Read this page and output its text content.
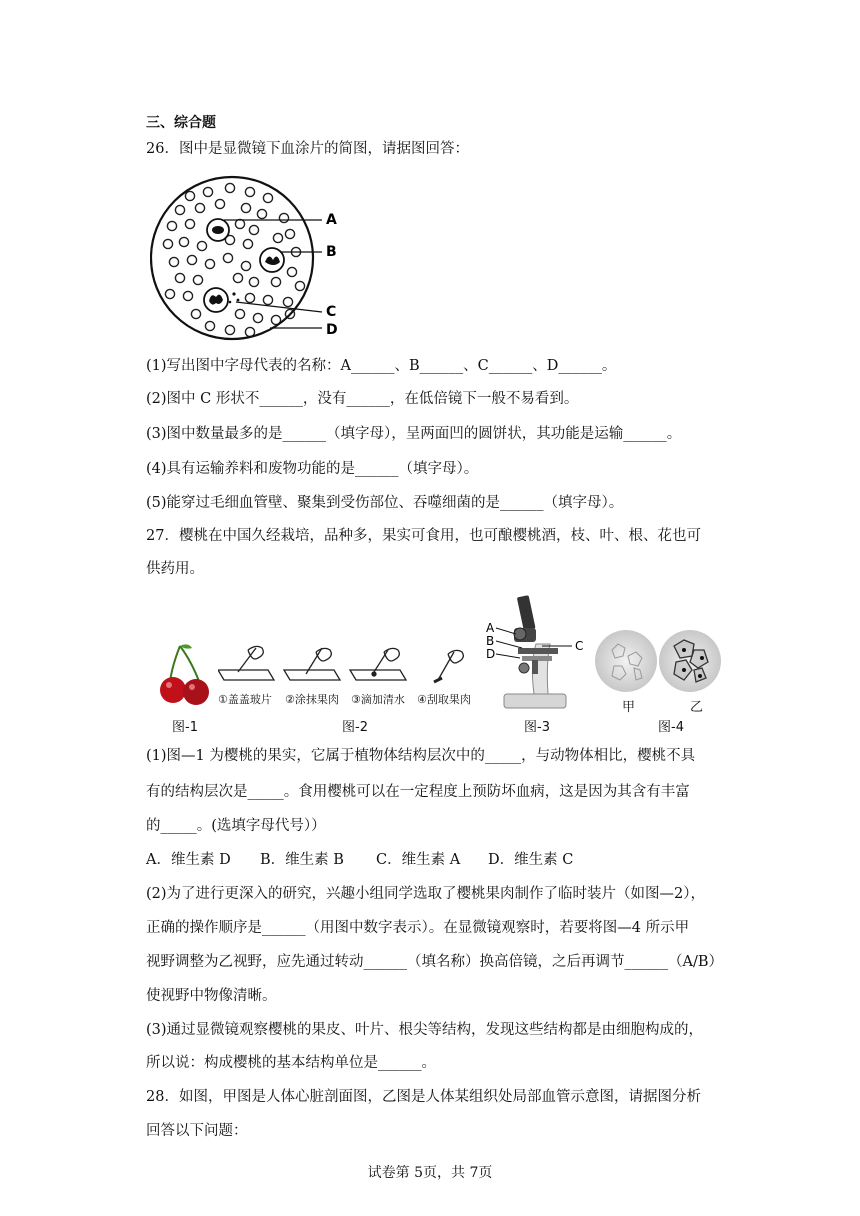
三、综合题
26．图中是显微镜下血涂片的简图，请据图回答：
A
B
C
D
(1)写出图中字母代表的名称：A______、B______、C______、D______。
(2)图中 C 形状不______，没有______，在低倍镜下一般不易看到。
(3)图中数量最多的是______（填字母），呈两面凹的圆饼状，其功能是运输______。
(4)具有运输养料和废物功能的是______（填字母）。
(5)能穿过毛细血管壁、聚集到受伤部位、吞噬细菌的是______（填字母）。
27．樱桃在中国久经栽培，品种多，果实可食用，也可酿樱桃酒，枝、叶、根、花也可
供药用。
①盖盖玻片 ②涂抹果肉 ③滴加清水 ④刮取果肉
A
B
D
C
甲	乙
图-1	图-2	图-3	图-4
(1)图—1 为樱桃的果实，它属于植物体结构层次中的_____，与动物体相比，樱桃不具
有的结构层次是_____。食用樱桃可以在一定程度上预防坏血病，这是因为其含有丰富
的_____。(选填字母代号））
A．维生素 D B．维生素 B C．维生素 A D．维生素 C
(2)为了进行更深入的研究，兴趣小组同学选取了樱桃果肉制作了临时装片（如图—2），
正确的操作顺序是______（用图中数字表示）。在显微镜观察时，若要将图—4 所示甲
视野调整为乙视野，应先通过转动______（填名称）换高倍镜，之后再调节______（A/B）
使视野中物像清晰。
(3)通过显微镜观察樱桃的果皮、叶片、根尖等结构，发现这些结构都是由细胞构成的，
所以说：构成樱桃的基本结构单位是______。
28．如图，甲图是人体心脏剖面图，乙图是人体某组织处局部血管示意图，请据图分析
回答以下问题：
试卷第 5页，共 7页
